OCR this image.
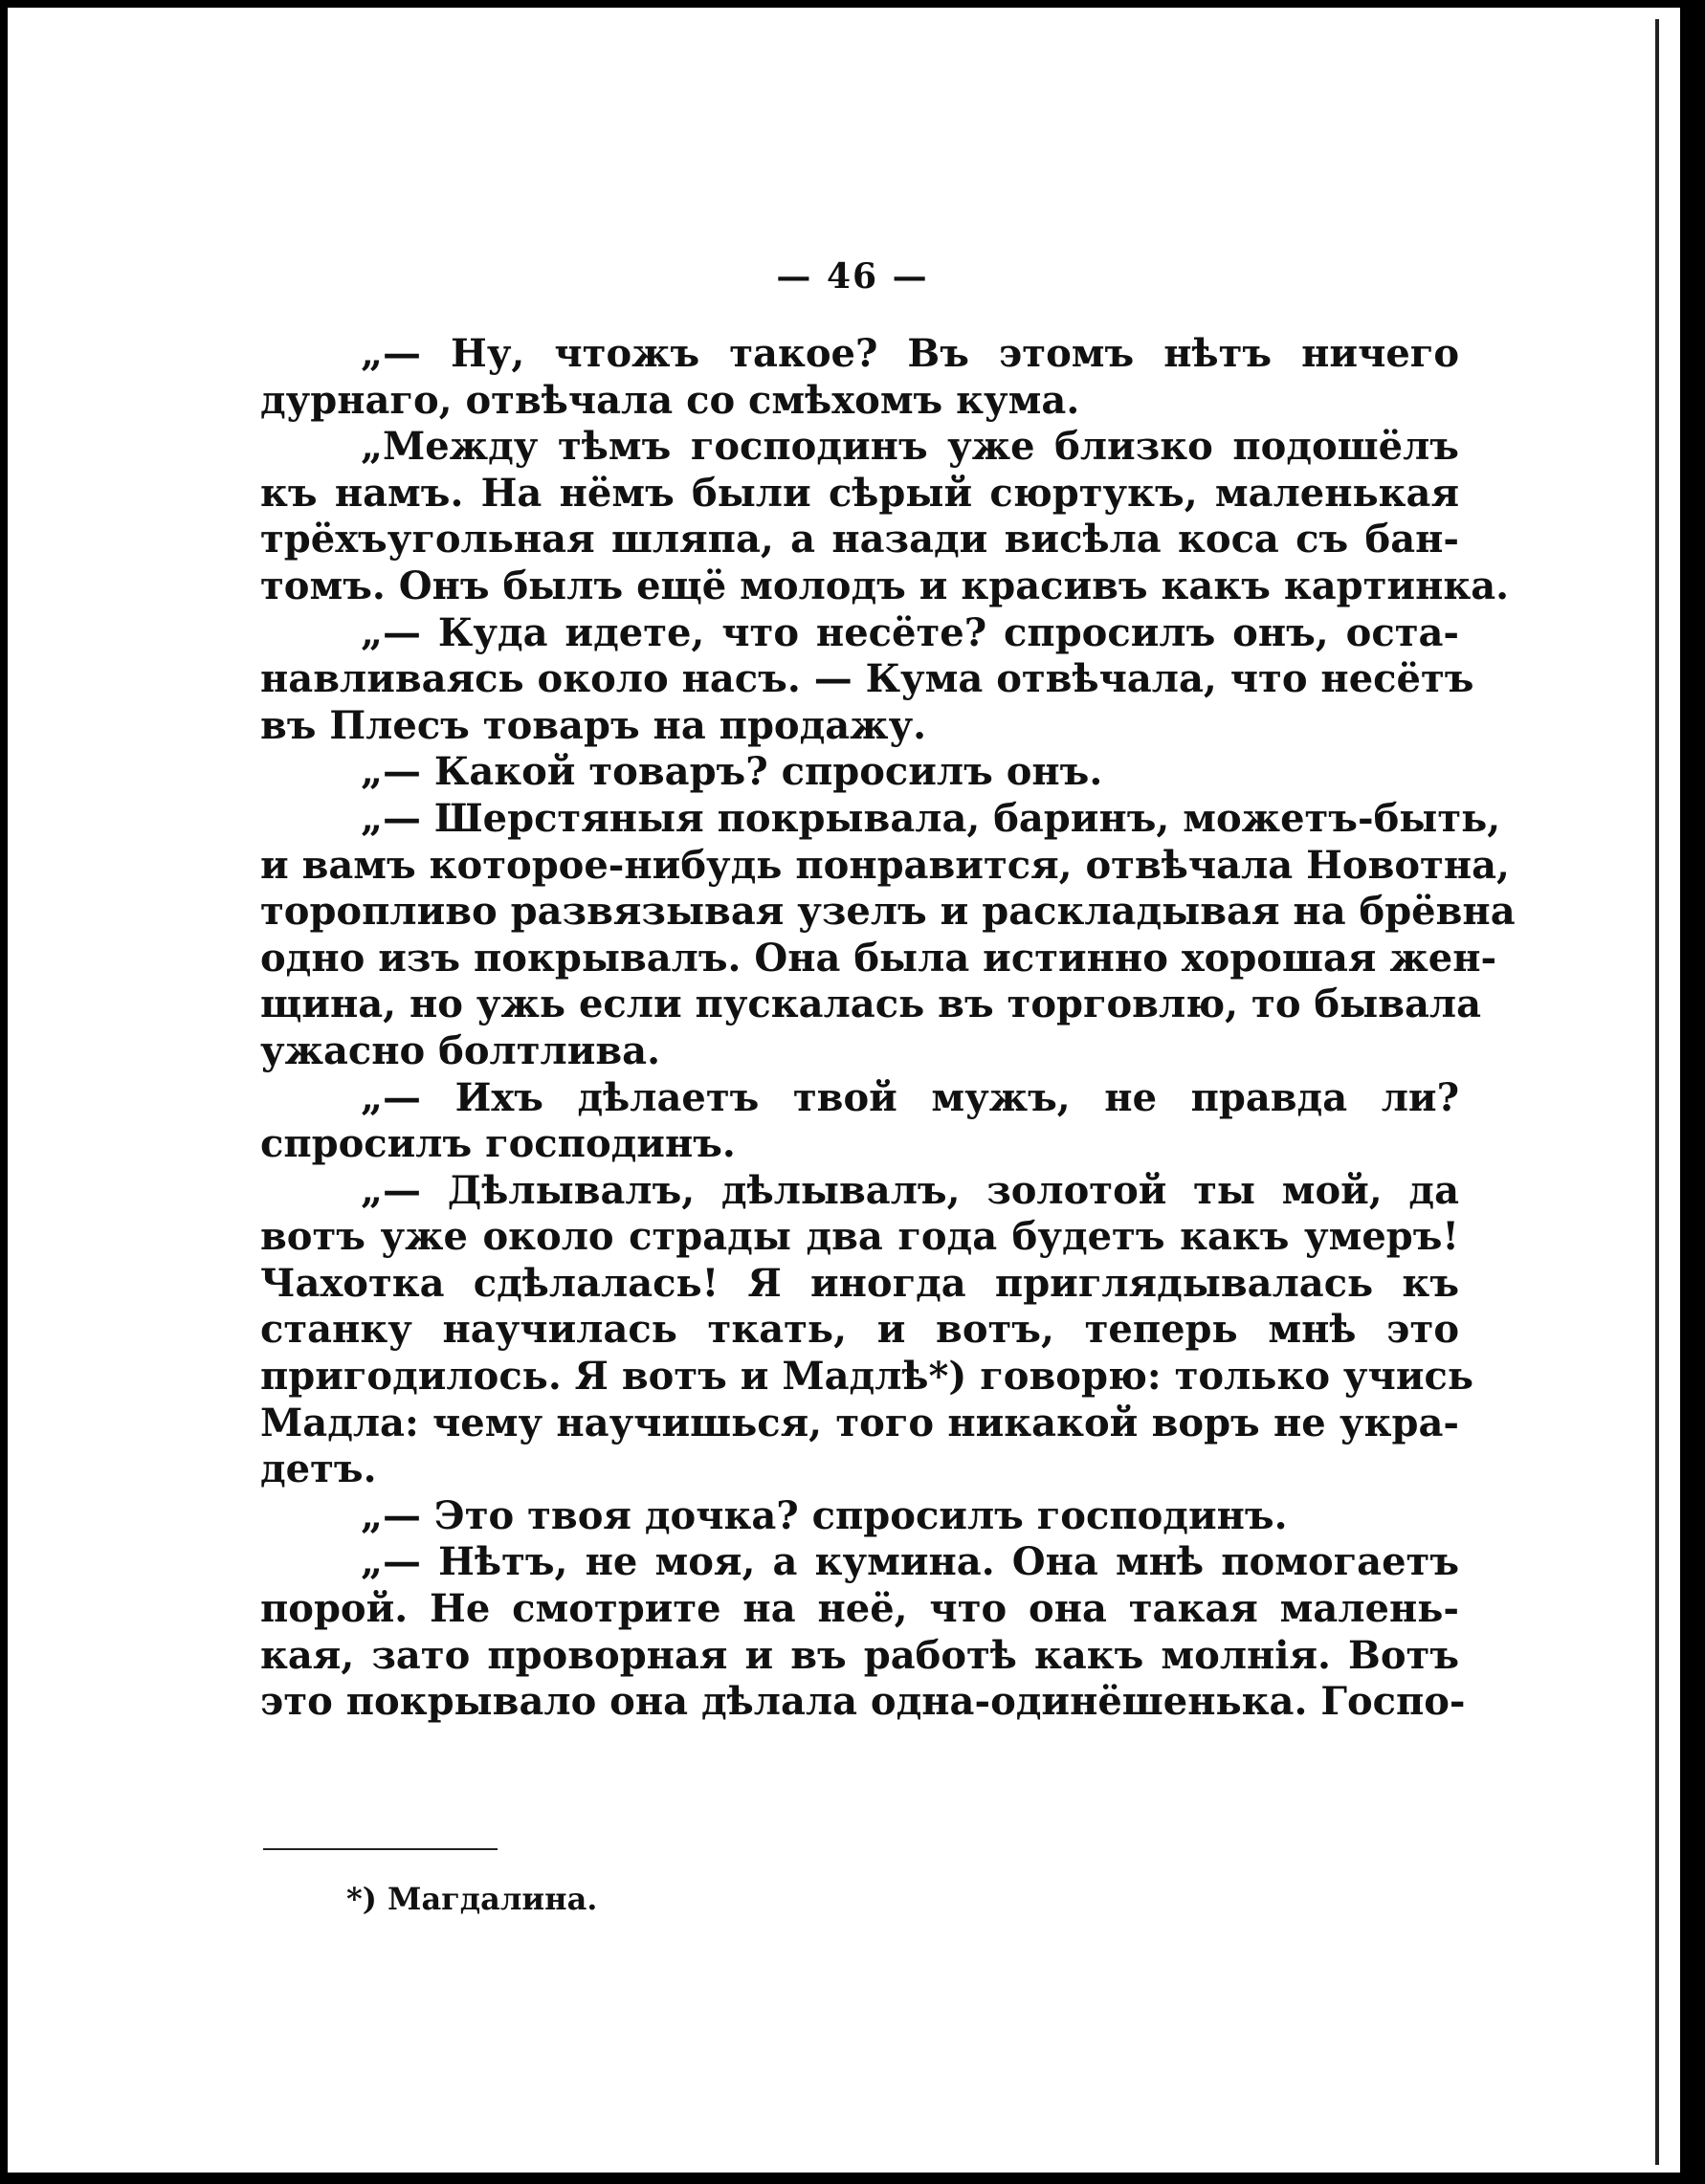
— 46 —
„— Ну, чтожъ такое? Въ этомъ нѣтъ ничего
дурнаго, отвѣчала со смѣхомъ кума.
„Между тѣмъ господинъ уже близко подошёлъ
къ намъ. На нёмъ были сѣрый сюртукъ, маленькая
трёхъугольная шляпа, а назади висѣла коса съ бан-
томъ. Онъ былъ ещё молодъ и красивъ какъ картинка.
„— Куда идете, что несёте? спросилъ онъ, оста-
навливаясь около насъ. — Кума отвѣчала, что несётъ
въ Плесъ товаръ на продажу.
„— Какой товаръ? спросилъ онъ.
„— Шерстяныя покрывала, баринъ, можетъ-быть,
и вамъ которое-нибудь понравится, отвѣчала Новотна,
торопливо развязывая узелъ и раскладывая на брёвна
одно изъ покрывалъ. Она была истинно хорошая жен-
щина, но ужь если пускалась въ торговлю, то бывала
ужасно болтлива.
„— Ихъ дѣлаетъ твой мужъ, не правда ли?
спросилъ господинъ.
„— Дѣлывалъ, дѣлывалъ, золотой ты мой, да
вотъ уже около страды два года будетъ какъ умеръ!
Чахотка сдѣлалась! Я иногда приглядывалась къ
станку научилась ткать, и вотъ, теперь мнѣ это
пригодилось. Я вотъ и Мадлѣ*) говорю: только учись
Мадла: чему научишься, того никакой воръ не укра-
детъ.
„— Это твоя дочка? спросилъ господинъ.
„— Нѣтъ, не моя, а кумина. Она мнѣ помогаетъ
порой. Не смотрите на неё, что она такая малень-
кая, зато проворная и въ работѣ какъ молнія. Вотъ
это покрывало она дѣлала одна-одинёшенька. Госпо-
*) Магдалина.
